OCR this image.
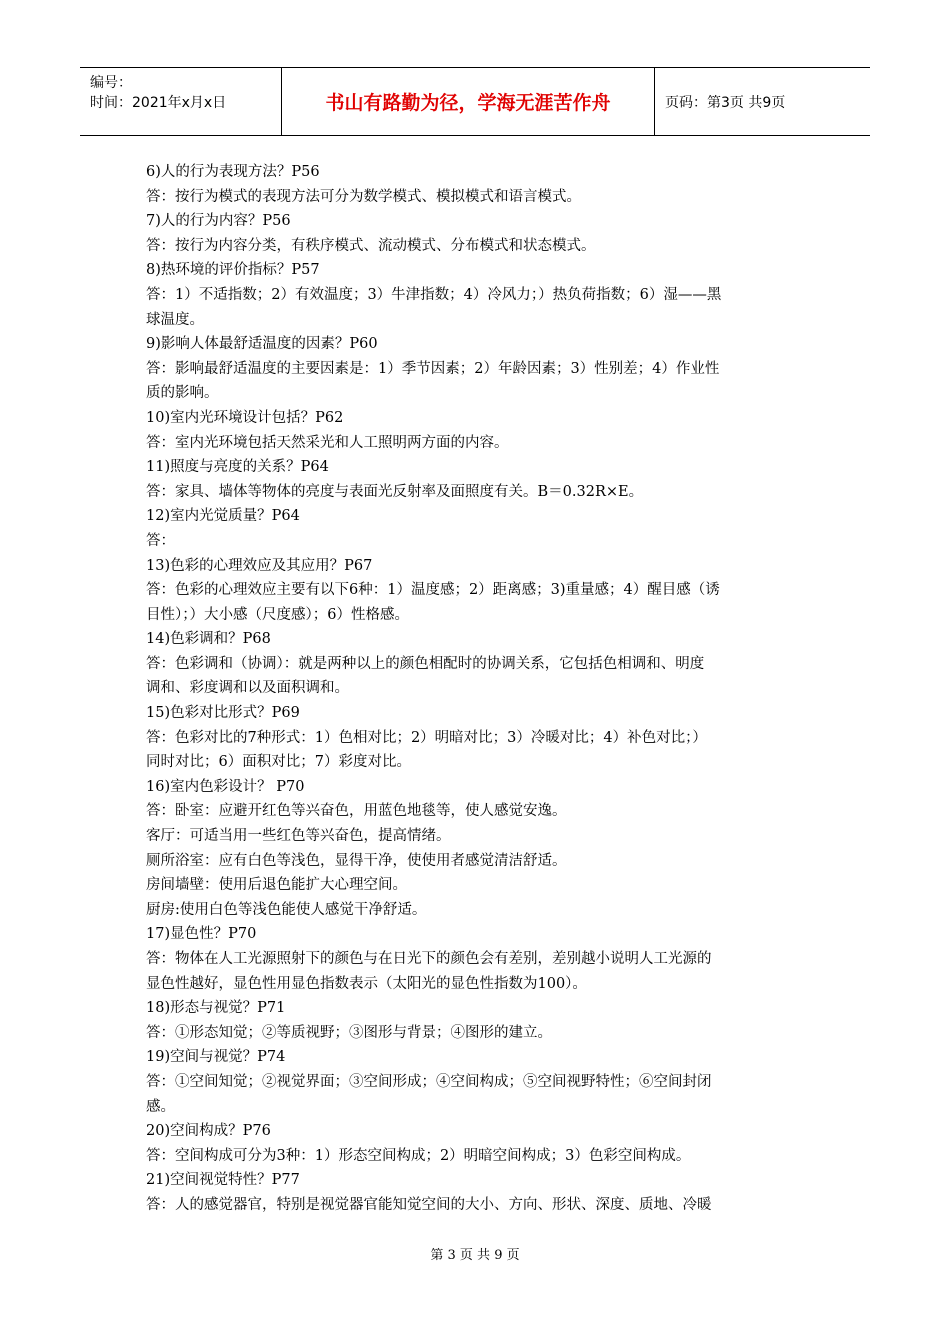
编号：
时间：2021年x月x日	书山有路勤为径，学海无涯苦作舟	页码：第3页 共9页

6)人的行为表现方法？P56

答：按行为模式的表现方法可分为数学模式、模拟模式和语言模式。

7)人的行为内容？P56

答：按行为内容分类，有秩序模式、流动模式、分布模式和状态模式。

8)热环境的评价指标？P57

答：1）不适指数；2）有效温度；3）牛津指数；4）冷风力；）热负荷指数；6）湿——黑

球温度。

9)影响人体最舒适温度的因素？P60

答：影响最舒适温度的主要因素是：1）季节因素；2）年龄因素；3）性别差；4）作业性

质的影响。

10)室内光环境设计包括？P62

答：室内光环境包括天然采光和人工照明两方面的内容。

11)照度与亮度的关系？P64

答：家具、墙体等物体的亮度与表面光反射率及面照度有关。B＝0.32R×E。

12)室内光觉质量？P64

答：

13)色彩的心理效应及其应用？P67

答：色彩的心理效应主要有以下6种：1）温度感；2）距离感；3)重量感；4）醒目感（诱

目性）；）大小感（尺度感）；6）性格感。

14)色彩调和？P68

答：色彩调和（协调）：就是两种以上的颜色相配时的协调关系，它包括色相调和、明度

调和、彩度调和以及面积调和。

15)色彩对比形式？P69

答：色彩对比的7种形式：1）色相对比；2）明暗对比；3）冷暖对比；4）补色对比；）

同时对比；6）面积对比；7）彩度对比。

16)室内色彩设计？ P70

答：卧室：应避开红色等兴奋色，用蓝色地毯等，使人感觉安逸。

客厅：可适当用一些红色等兴奋色，提高情绪。

厕所浴室：应有白色等浅色，显得干净，使使用者感觉清洁舒适。

房间墙壁：使用后退色能扩大心理空间。

厨房:使用白色等浅色能使人感觉干净舒适。

17)显色性？P70

答：物体在人工光源照射下的颜色与在日光下的颜色会有差别，差别越小说明人工光源的

显色性越好，显色性用显色指数表示（太阳光的显色性指数为100）。

18)形态与视觉？P71

答：①形态知觉；②等质视野；③图形与背景；④图形的建立。

19)空间与视觉？P74

答：①空间知觉；②视觉界面；③空间形成；④空间构成；⑤空间视野特性；⑥空间封闭

感。

20)空间构成？P76

答：空间构成可分为3种：1）形态空间构成；2）明暗空间构成；3）色彩空间构成。

21)空间视觉特性？P77

答：人的感觉器官，特别是视觉器官能知觉空间的大小、方向、形状、深度、质地、冷暖

第 3 页 共 9 页
